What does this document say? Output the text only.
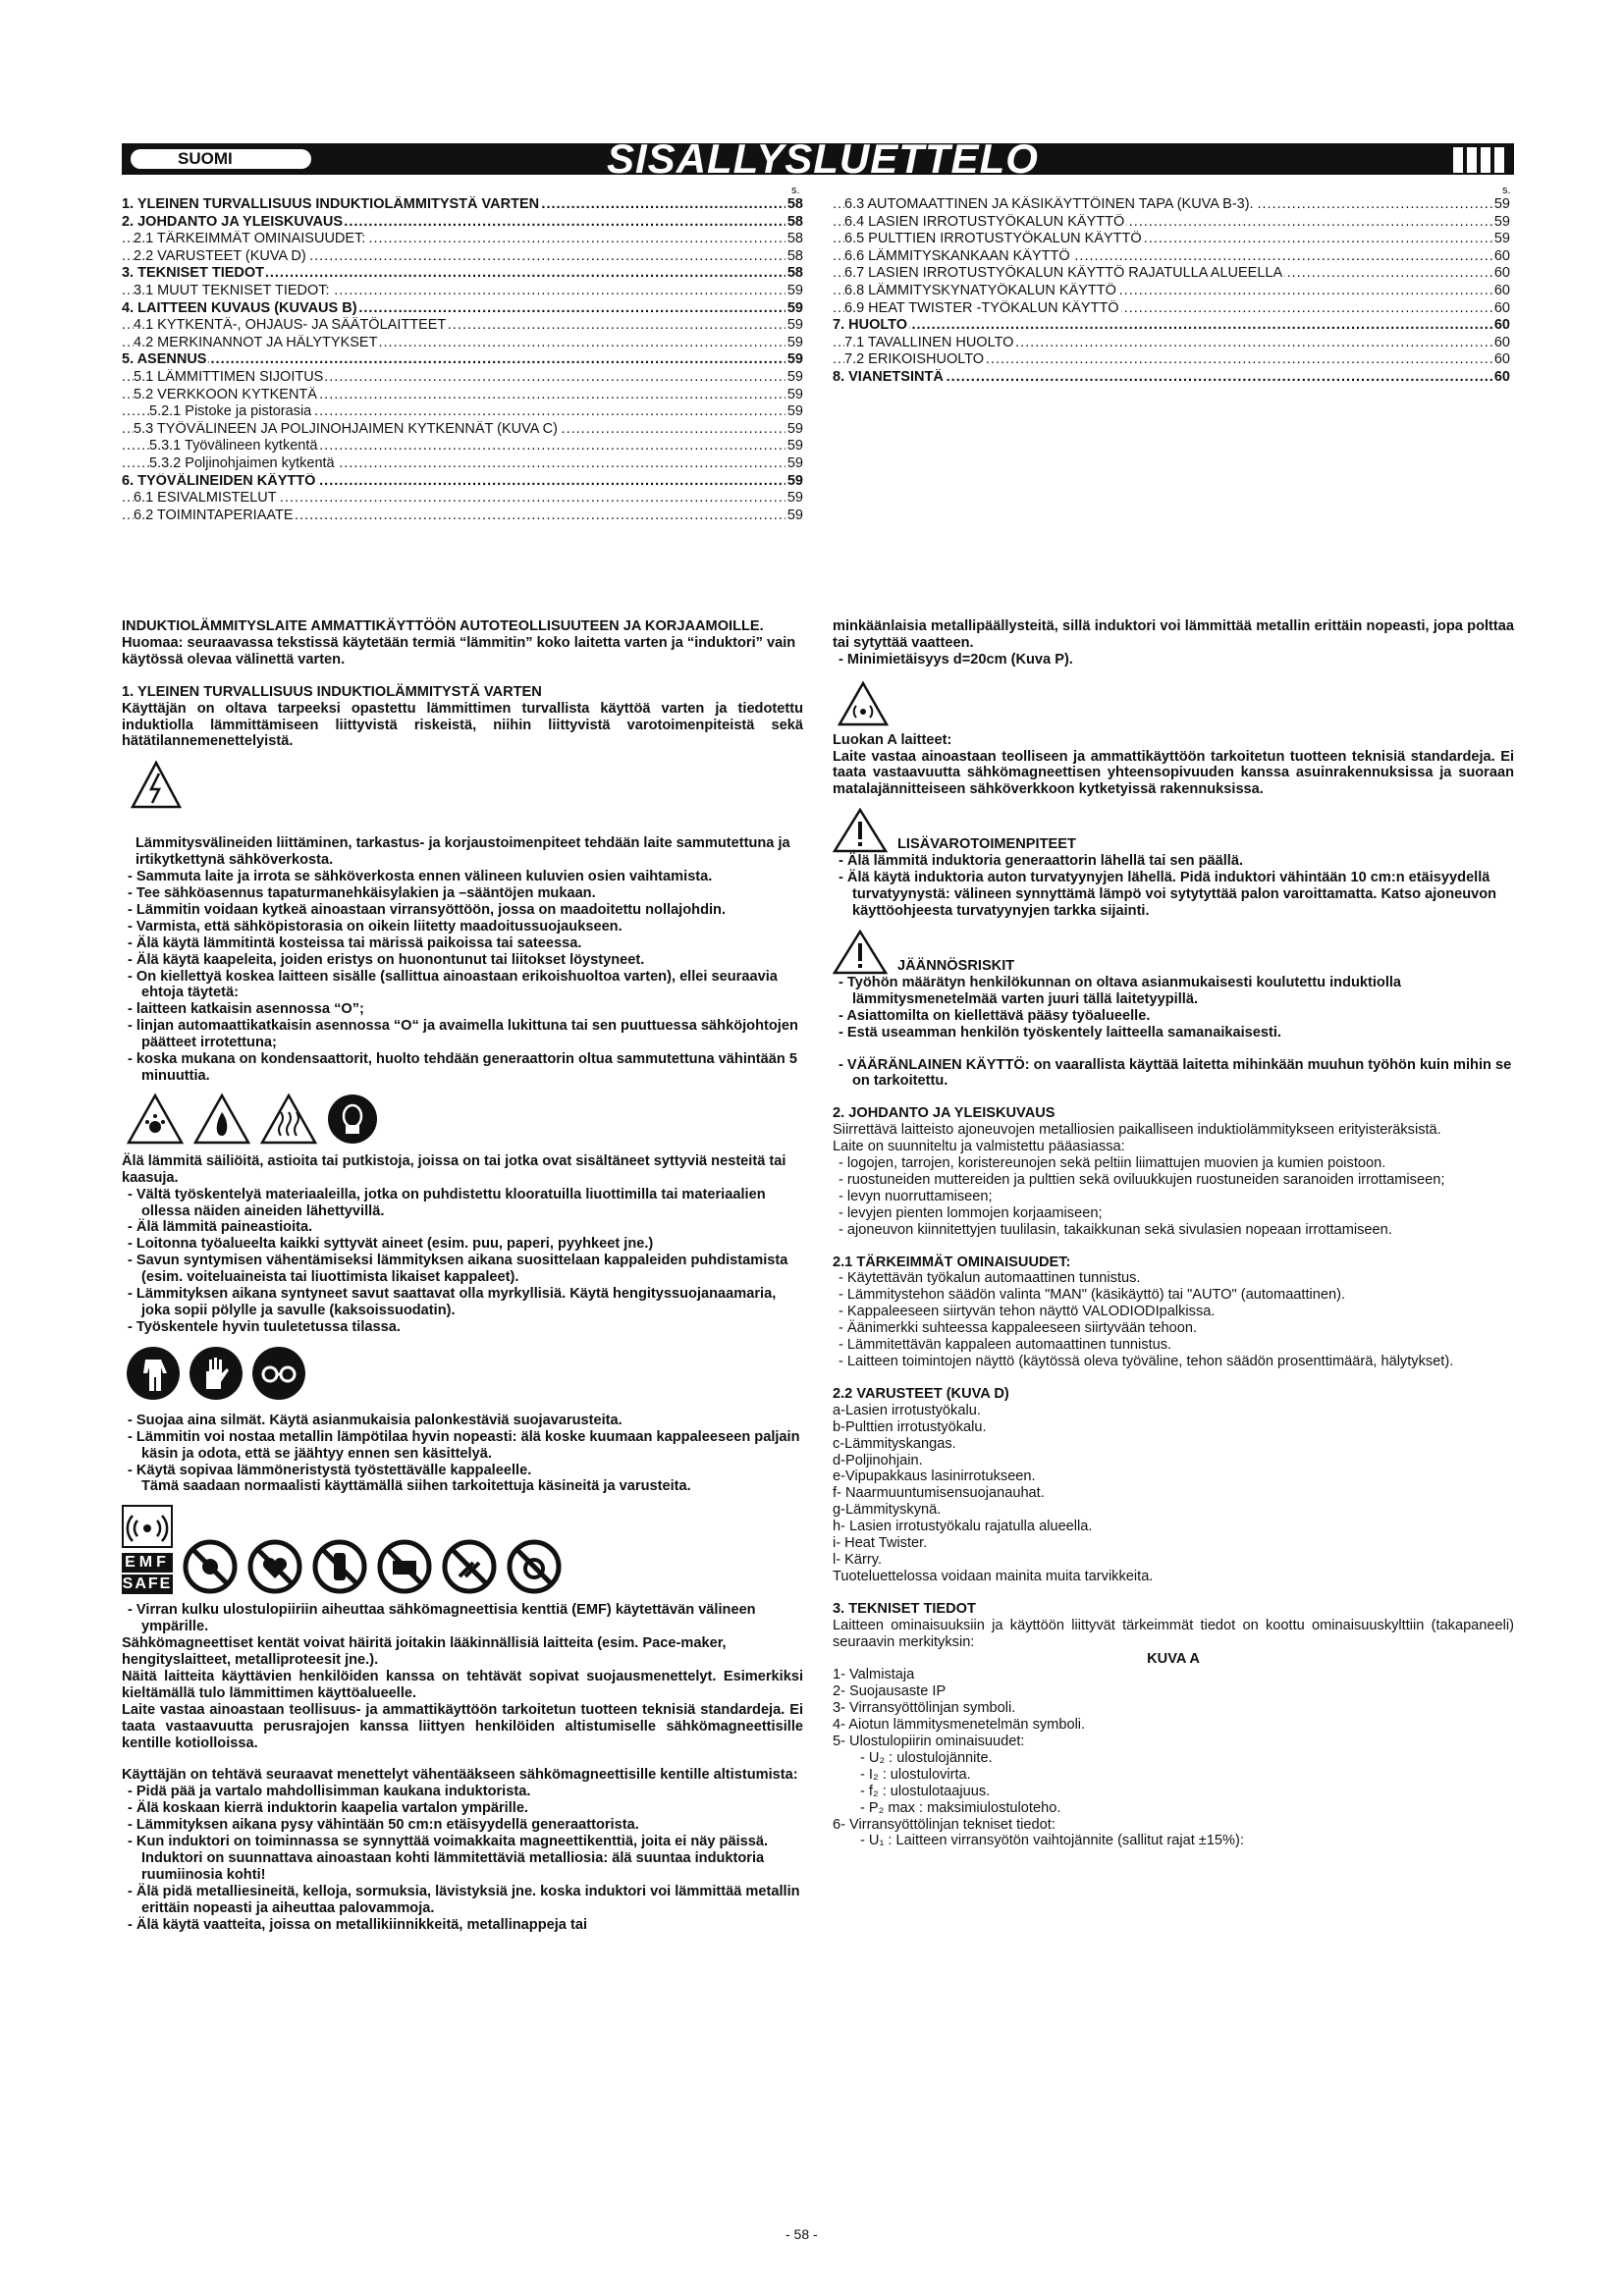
SUOMI	SISÄLLYSLUETTELO
s.	s.
1. YLEINEN TURVALLISUUS INDUKTIOLÄMMITYSTÄ VARTEN	58
.....
2. JOHDANTO JA YLEISKUVAUS	58
.....
2.1 TÄRKEIMMÄT OMINAISUUDET:	58
.....
2.2 VARUSTEET (KUVA D)	58
.....
3. TEKNISET TIEDOT	58
.....
3.1 MUUT TEKNISET TIEDOT:	59
.....
4. LAITTEEN KUVAUS (KUVAUS B)	59
.....
4.1 KYTKENTÄ-, OHJAUS- JA SÄÄTÖLAITTEET	59
.....
4.2 MERKINANNOT JA HÄLYTYKSET	59
.....
5. ASENNUS	59
.....
5.1 LÄMMITTIMEN SIJOITUS	59
.....
5.2 VERKKOON KYTKENTÄ	59
.....
5.2.1 Pistoke ja pistorasia	59
.....
5.3 TYÖVÄLINEEN JA POLJINOHJAIMEN KYTKENNÄT (KUVA C)	59
.....
5.3.1 Työvälineen kytkentä	59
.....
5.3.2 Poljinohjaimen kytkentä	59
.....
6. TYÖVÄLINEIDEN KÄYTTÖ	59
.....
6.1 ESIVALMISTELUT	59
.....
6.2 TOIMINTAPERIAATE	59
.....
6.3 AUTOMAATTINEN JA KÄSIKÄYTTÖINEN TAPA (KUVA B-3).	59
.....
6.4 LASIEN IRROTUSTYÖKALUN KÄYTTÖ	59
.....
6.5 PULTTIEN IRROTUSTYÖKALUN KÄYTTÖ	59
.....
6.6 LÄMMITYSKANKAAN KÄYTTÖ	60
.....
6.7 LASIEN IRROTUSTYÖKALUN KÄYTTÖ RAJATULLA ALUEELLA	60
.....
6.8 LÄMMITYSKYNATYÖKALUN KÄYTTÖ	60
.....
6.9 HEAT TWISTER -TYÖKALUN KÄYTTÖ	60
.....
7. HUOLTO	60
.....
7.1 TAVALLINEN HUOLTO	60
.....
7.2 ERIKOISHUOLTO	60
.....
8. VIANETSINTÄ	60
.....

INDUKTIOLÄMMITYSLAITE AMMATTIKÄYTTÖÖN AUTOTEOLLISUUTEEN JA KORJAAMOILLE.

Huomaa: seuraavassa tekstissä käytetään termiä “lämmitin” koko laitetta varten ja “induktori” vain käytössä olevaa välinettä varten.

1. YLEINEN TURVALLISUUS INDUKTIOLÄMMITYSTÄ VARTEN

Käyttäjän on oltava tarpeeksi opastettu lämmittimen turvallista käyttöä varten ja tiedotettu induktiolla lämmittämiseen liittyvistä riskeistä, niihin liittyvistä varotoimenpiteistä sekä hätätilannemenettelyistä.

Lämmitysvälineiden liittäminen, tarkastus- ja korjaustoimenpiteet tehdään laite sammutettuna ja irtikytkettynä sähköverkosta.

- Sammuta laite ja irrota se sähköverkosta ennen välineen kuluvien osien vaihtamista.

- Tee sähköasennus tapaturmanehkäisylakien ja –sääntöjen mukaan.

- Lämmitin voidaan kytkeä ainoastaan virransyöttöön, jossa on maadoitettu nollajohdin.

- Varmista, että sähköpistorasia on oikein liitetty maadoitussuojaukseen.

- Älä käytä lämmitintä kosteissa tai märissä paikoissa tai sateessa.

- Älä käytä kaapeleita, joiden eristys on huonontunut tai liitokset löystyneet.

- On kiellettyä koskea laitteen sisälle (sallittua ainoastaan erikoishuoltoa varten), ellei seuraavia ehtoja täytetä:

- laitteen katkaisin asennossa “O”;

- linjan automaattikatkaisin asennossa “O“ ja avaimella lukittuna tai sen puuttuessa sähköjohtojen päätteet irrotettuna;

- koska mukana on kondensaattorit, huolto tehdään generaattorin oltua sammutettuna vähintään 5 minuuttia.

Älä lämmitä säiliöitä, astioita tai putkistoja, joissa on tai jotka ovat sisältäneet syttyviä nesteitä tai kaasuja.

- Vältä työskentelyä materiaaleilla, jotka on puhdistettu klooratuilla liuottimilla tai materiaalien ollessa näiden aineiden lähettyvillä.

- Älä lämmitä paineastioita.

- Loitonna työalueelta kaikki syttyvät aineet (esim. puu, paperi, pyyhkeet jne.)

- Savun syntymisen vähentämiseksi lämmityksen aikana suosittelaan kappaleiden puhdistamista (esim. voiteluaineista tai liuottimista likaiset kappaleet).

- Lämmityksen aikana syntyneet savut saattavat olla myrkyllisiä. Käytä hengityssuojanaamaria, joka sopii pölylle ja savulle (kaksoissuodatin).

- Työskentele hyvin tuuletetussa tilassa.

- Suojaa aina silmät. Käytä asianmukaisia palonkestäviä suojavarusteita.

- Lämmitin voi nostaa metallin lämpötilaa hyvin nopeasti: älä koske kuumaan kappaleeseen paljain käsin ja odota, että se jäähtyy ennen sen käsittelyä.

- Käytä sopivaa lämmöneristystä työstettävälle kappaleelle.
Tämä saadaan normaalisti käyttämällä siihen tarkoitettuja käsineitä ja varusteita.

EMF
SAFE

- Virran kulku ulostulopiiriin aiheuttaa sähkömagneettisia kenttiä (EMF) käytettävän välineen ympärille.

Sähkömagneettiset kentät voivat häiritä joitakin lääkinnällisiä laitteita (esim. Pace-maker, hengityslaitteet, metalliproteesit jne.).

Näitä laitteita käyttävien henkilöiden kanssa on tehtävät sopivat suojausmenettelyt. Esimerkiksi kieltämällä tulo lämmittimen käyttöalueelle.

Laite vastaa ainoastaan teollisuus- ja ammattikäyttöön tarkoitetun tuotteen teknisiä standardeja. Ei taata vastaavuutta perusrajojen kanssa liittyen henkilöiden altistumiselle sähkömagneettisille kentille kotiolloissa.

Käyttäjän on tehtävä seuraavat menettelyt vähentääkseen sähkömagneettisille kentille altistumista:

- Pidä pää ja vartalo mahdollisimman kaukana induktorista.

- Älä koskaan kierrä induktorin kaapelia vartalon ympärille.

- Lämmityksen aikana pysy vähintään 50 cm:n etäisyydellä generaattorista.

- Kun induktori on toiminnassa se synnyttää voimakkaita magneettikenttiä, joita ei näy päissä. Induktori on suunnattava ainoastaan kohti lämmitettäviä metalliosia: älä suuntaa induktoria ruumiinosia kohti!

- Älä pidä metalliesineitä, kelloja, sormuksia, lävistyksiä jne. koska induktori voi lämmittää metallin erittäin nopeasti ja aiheuttaa palovammoja.

- Älä käytä vaatteita, joissa on metallikiinnikkeitä, metallinappeja tai

minkäänlaisia metallipäällysteitä, sillä induktori voi lämmittää metallin erittäin nopeasti, jopa polttaa tai sytyttää vaatteen.

- Minimietäisyys d=20cm (Kuva P).

Luokan A laitteet:

Laite vastaa ainoastaan teolliseen ja ammattikäyttöön tarkoitetun tuotteen teknisiä standardeja. Ei taata vastaavuutta sähkömagneettisen yhteensopivuuden kanssa asuinrakennuksissa ja suoraan matalajännitteiseen sähköverkkoon kytketyissä rakennuksissa.

LISÄVAROTOIMENPITEET

- Älä lämmitä induktoria generaattorin lähellä tai sen päällä.

- Älä käytä induktoria auton turvatyynyjen lähellä. Pidä induktori vähintään 10 cm:n etäisyydellä turvatyynystä: välineen synnyttämä lämpö voi sytytyttää palon varoittamatta. Katso ajoneuvon käyttöohjeesta turvatyynyjen tarkka sijainti.

JÄÄNNÖSRISKIT

- Työhön määrätyn henkilökunnan on oltava asianmukaisesti koulutettu induktiolla lämmitysmenetelmää varten juuri tällä laitetyypillä.

- Asiattomilta on kiellettävä pääsy työalueelle.

- Estä useamman henkilön työskentely laitteella samanaikaisesti.

- VÄÄRÄNLAINEN KÄYTTÖ: on vaarallista käyttää laitetta mihinkään muuhun työhön kuin mihin se on tarkoitettu.

2. JOHDANTO JA YLEISKUVAUS

Siirrettävä laitteisto ajoneuvojen metalliosien paikalliseen induktiolämmitykseen erityisteräksistä.

Laite on suunniteltu ja valmistettu pääasiassa:

- logojen, tarrojen, koristereunojen sekä peltiin liimattujen muovien ja kumien poistoon.

- ruostuneiden muttereiden ja pulttien sekä oviluukkujen ruostuneiden saranoiden irrottamiseen;

- levyn nuorruttamiseen;

- levyjen pienten lommojen korjaamiseen;

- ajoneuvon kiinnitettyjen tuulilasin, takaikkunan sekä sivulasien nopeaan irrottamiseen.

2.1 TÄRKEIMMÄT OMINAISUUDET:

- Käytettävän työkalun automaattinen tunnistus.

- Lämmitystehon säädön valinta "MAN" (käsikäyttö) tai "AUTO" (automaattinen).

- Kappaleeseen siirtyvän tehon näyttö VALODIODIpalkissa.

- Äänimerkki suhteessa kappaleeseen siirtyvään tehoon.

- Lämmitettävän kappaleen automaattinen tunnistus.

- Laitteen toimintojen näyttö (käytössä oleva työväline, tehon säädön prosenttimäärä, hälytykset).

2.2 VARUSTEET (KUVA D)

a-Lasien irrotustyökalu.

b-Pulttien irrotustyökalu.

c-Lämmityskangas.

d-Poljinohjain.

e-Vipupakkaus lasinirrotukseen.

f- Naarmuuntumisensuojanauhat.

g-Lämmityskynä.

h- Lasien irrotustyökalu rajatulla alueella.

i- Heat Twister.

l- Kärry.

Tuoteluettelossa voidaan mainita muita tarvikkeita.

3. TEKNISET TIEDOT

Laitteen ominaisuuksiin ja käyttöön liittyvät tärkeimmät tiedot on koottu ominaisuuskylttiin (takapaneeli) seuraavin merkityksin:

KUVA A

1- Valmistaja

2- Suojausaste IP

3- Virransyöttölinjan symboli.

4- Aiotun lämmitysmenetelmän symboli.

5- Ulostulopiirin ominaisuudet:

- U₂ : ulostulojännite.

- I₂ : ulostulovirta.

- f₂ : ulostulotaajuus.

- P₂ max : maksimiulostuloteho.

6- Virransyöttölinjan tekniset tiedot:

- U₁ : Laitteen virransyötön vaihtojännite (sallitut rajat ±15%):

- 58 -
